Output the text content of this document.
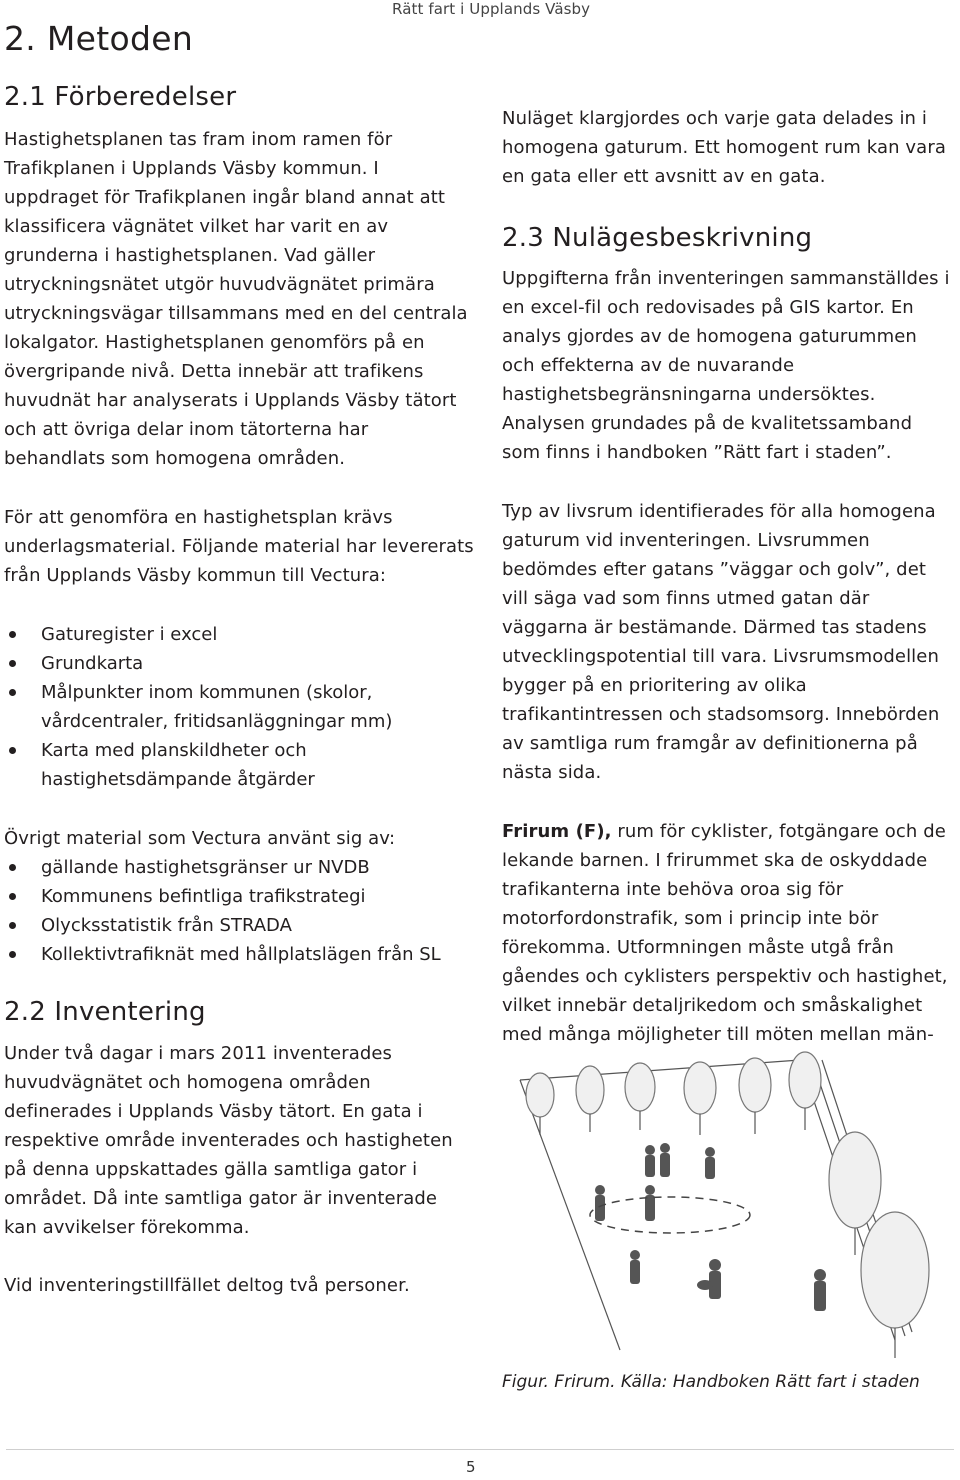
Rätt fart i Upplands Väsby
2. Metoden
2.1 Förberedelser

Hastighetsplanen tas fram inom ramen för Trafikplanen i Upplands Väsby kommun. I uppdraget för Trafikplanen ingår bland annat att klassificera vägnätet vilket har varit en av grunderna i hastighetsplanen. Vad gäller utryckningsnätet utgör huvudvägnätet primära utryckningsvägar tillsammans med en del centrala lokalgator. Hastighetsplanen genomförs på en övergripande nivå. Detta innebär att trafikens huvudnät har analyserats i Upplands Väsby tätort och att övriga delar inom tätorterna har behandlats som homogena områden.

För att genomföra en hastighetsplan krävs underlagsmaterial. Följande material har levererats från Upplands Väsby kommun till Vectura:

Gaturegister i excel
Grundkarta
Målpunkter inom kommunen (skolor, vårdcentraler, fritidsanläggningar mm)
Karta med planskildheter och hastighetsdämpande åtgärder

Övrigt material som Vectura använt sig av:

gällande hastighetsgränser ur NVDB
Kommunens befintliga trafikstrategi
Olycksstatistik från STRADA
Kollektivtrafiknät med hållplatslägen från SL
2.2 Inventering

Under två dagar i mars 2011 inventerades huvudvägnätet och homogena områden definerades i Upplands Väsby tätort. En gata i respektive område inventerades och hastigheten på denna uppskattades gälla samtliga gator i området. Då inte samtliga gator är inventerade kan avvikelser förekomma.

Vid inventeringstillfället deltog två personer.

Nuläget klargjordes och varje gata delades in i homogena gaturum. Ett homogent rum kan vara en gata eller ett avsnitt av en gata.

2.3 Nulägesbeskrivning

Uppgifterna från inventeringen sammanställdes i en excel-fil och redovisades på GIS kartor. En analys gjordes av de homogena gaturummen och effekterna av de nuvarande hastighetsbegränsningarna undersöktes. Analysen grundades på de kvalitetssamband som finns i handboken ”Rätt fart i staden”.

Typ av livsrum identifierades för alla homogena gaturum vid inventeringen. Livsrummen bedömdes efter gatans ”väggar och golv”, det vill säga vad som finns utmed gatan där väggarna är bestämande. Därmed tas stadens utvecklingspotential till vara. Livsrumsmodellen bygger på en prioritering av olika trafikantintressen och stadsomsorg. Innebörden av samtliga rum framgår av definitionerna på nästa sida.

Frirum (F), rum för cyklister, fotgängare och de lekande barnen. I frirummet ska de oskyddade trafikanterna inte behöva oroa sig för motorfordonstrafik, som i princip inte bör förekomma. Utformningen måste utgå från gåendes och cyklisters perspektiv och hastighet, vilket innebär detaljrikedom och småskalighet
med många möjligheter till möten mellan män-

Figur. Frirum. Källa: Handboken Rätt fart i staden
5
